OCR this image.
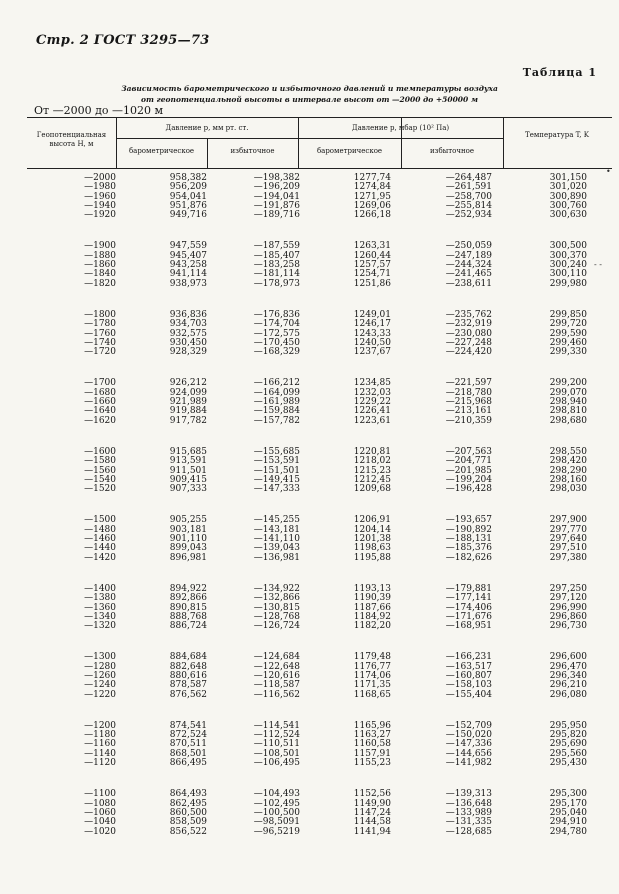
Стр. 2 ГОСТ 3295—73
Таблица 1
Зависимость барометрического и избыточного давлений и температуры воздуха
от геопотенциальной высоты в интервале высот от —2000 до +50000 м
От —2000 до —1020 м
Геопотенциальная высота H, м
Давление p, мм рт. ст.	Давление p, мбар (10² Па)
барометрическое	избыточное	барометрическое	избыточное
Температура T, K
—2000	958,382	—198,382	1277,74	—264,487	301,150
—1980	956,209	—196,209	1274,84	—261,591	301,020
—1960	954,041	—194,041	1271,95	—258,700	300,890
—1940	951,876	—191,876	1269,06	—255,814	300,760
—1920	949,716	—189,716	1266,18	—252,934	300,630
—1900	947,559	—187,559	1263,31	—250,059	300,500
—1880	945,407	—185,407	1260,44	—247,189	300,370
—1860	943,258	—183,258	1257,57	—244,324	300,240
—1840	941,114	—181,114	1254,71	—241,465	300,110
—1820	938,973	—178,973	1251,86	—238,611	299,980
—1800	936,836	—176,836	1249,01	—235,762	299,850
—1780	934,703	—174,704	1246,17	—232,919	299,720
—1760	932,575	—172,575	1243,33	—230,080	299,590
—1740	930,450	—170,450	1240,50	—227,248	299,460
—1720	928,329	—168,329	1237,67	—224,420	299,330
—1700	926,212	—166,212	1234,85	—221,597	299,200
—1680	924,099	—164,099	1232,03	—218,780	299,070
—1660	921,989	—161,989	1229,22	—215,968	298,940
—1640	919,884	—159,884	1226,41	—213,161	298,810
—1620	917,782	—157,782	1223,61	—210,359	298,680
—1600	915,685	—155,685	1220,81	—207,563	298,550
—1580	913,591	—153,591	1218,02	—204,771	298,420
—1560	911,501	—151,501	1215,23	—201,985	298,290
—1540	909,415	—149,415	1212,45	—199,204	298,160
—1520	907,333	—147,333	1209,68	—196,428	298,030
—1500	905,255	—145,255	1206,91	—193,657	297,900
—1480	903,181	—143,181	1204,14	—190,892	297,770
—1460	901,110	—141,110	1201,38	—188,131	297,640
—1440	899,043	—139,043	1198,63	—185,376	297,510
—1420	896,981	—136,981	1195,88	—182,626	297,380
—1400	894,922	—134,922	1193,13	—179,881	297,250
—1380	892,866	—132,866	1190,39	—177,141	297,120
—1360	890,815	—130,815	1187,66	—174,406	296,990
—1340	888,768	—128,768	1184,92	—171,676	296,860
—1320	886,724	—126,724	1182,20	—168,951	296,730
—1300	884,684	—124,684	1179,48	—166,231	296,600
—1280	882,648	—122,648	1176,77	—163,517	296,470
—1260	880,616	—120,616	1174,06	—160,807	296,340
—1240	878,587	—118,587	1171,35	—158,103	296,210
—1220	876,562	—116,562	1168,65	—155,404	296,080
—1200	874,541	—114,541	1165,96	—152,709	295,950
—1180	872,524	—112,524	1163,27	—150,020	295,820
—1160	870,511	—110,511	1160,58	—147,336	295,690
—1140	868,501	—108,501	1157,91	—144,656	295,560
—1120	866,495	—106,495	1155,23	—141,982	295,430
—1100	864,493	—104,493	1152,56	—139,313	295,300
—1080	862,495	—102,495	1149,90	—136,648	295,170
—1060	860,500	—100,500	1147,24	—133,989	295,040
—1040	858,509	—98,5091	1144,58	—131,335	294,910
—1020	856,522	—96,5219	1141,94	—128,685	294,780
•
‐ ‐
